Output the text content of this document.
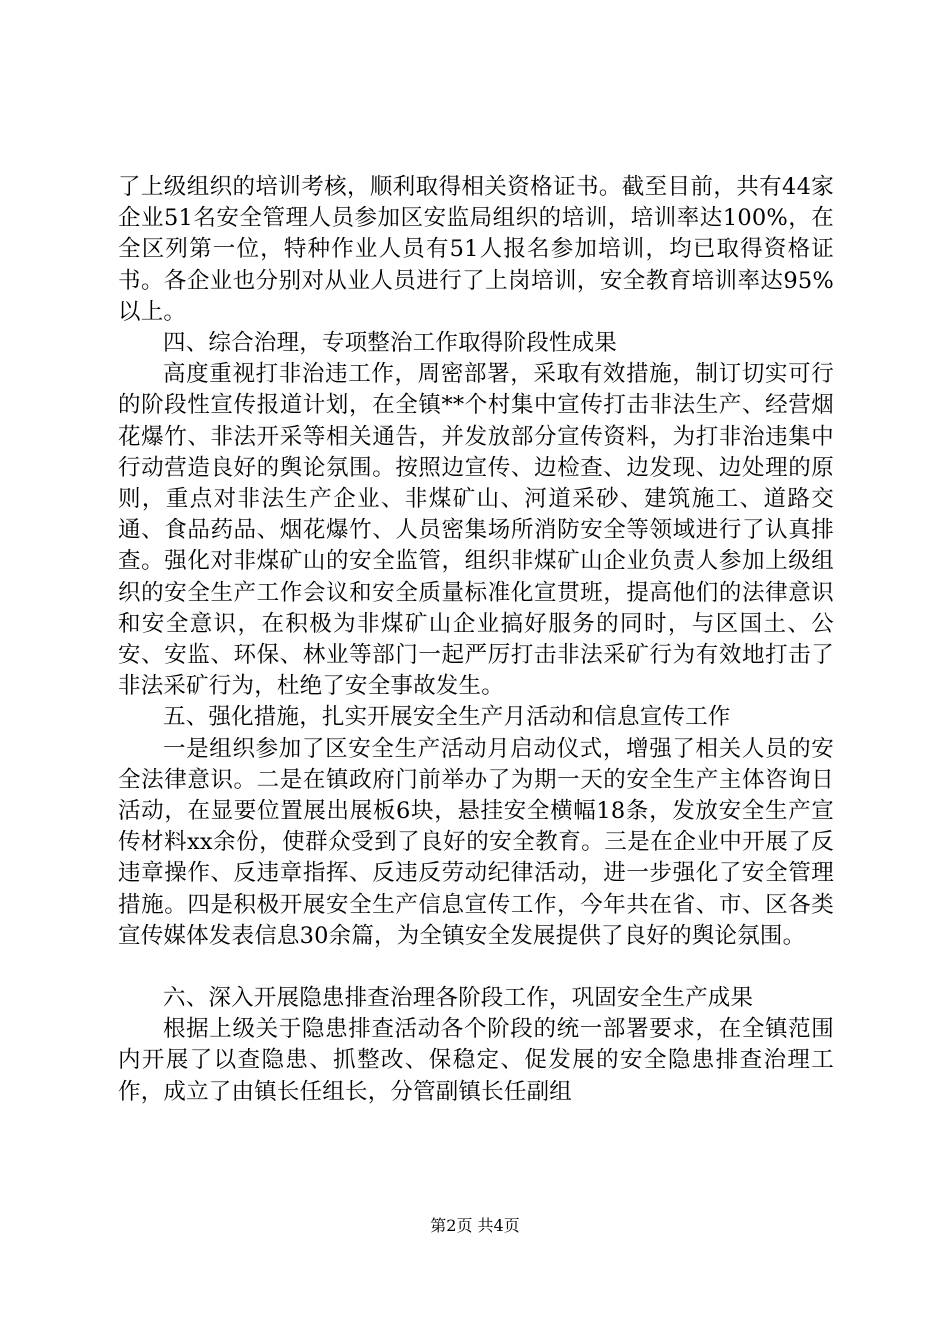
了上级组织的培训考核，顺利取得相关资格证书。截至目前，共有44家企业51名安全管理人员参加区安监局组织的培训，培训率达100%，在全区列第一位，特种作业人员有51人报名参加培训，均已取得资格证书。各企业也分别对从业人员进行了上岗培训，安全教育培训率达95%以上。

四、综合治理，专项整治工作取得阶段性成果

高度重视打非治违工作，周密部署，采取有效措施，制订切实可行的阶段性宣传报道计划，在全镇**个村集中宣传打击非法生产、经营烟花爆竹、非法开采等相关通告，并发放部分宣传资料，为打非治违集中行动营造良好的舆论氛围。按照边宣传、边检查、边发现、边处理的原则，重点对非法生产企业、非煤矿山、河道采砂、建筑施工、道路交通、食品药品、烟花爆竹、人员密集场所消防安全等领域进行了认真排查。强化对非煤矿山的安全监管，组织非煤矿山企业负责人参加上级组织的安全生产工作会议和安全质量标准化宣贯班，提高他们的法律意识和安全意识，在积极为非煤矿山企业搞好服务的同时，与区国土、公安、安监、环保、林业等部门一起严厉打击非法采矿行为有效地打击了非法采矿行为，杜绝了安全事故发生。

五、强化措施，扎实开展安全生产月活动和信息宣传工作

一是组织参加了区安全生产活动月启动仪式，增强了相关人员的安全法律意识。二是在镇政府门前举办了为期一天的安全生产主体咨询日活动，在显要位置展出展板6块，悬挂安全横幅18条，发放安全生产宣传材料xx余份，使群众受到了良好的安全教育。三是在企业中开展了反违章操作、反违章指挥、反违反劳动纪律活动，进一步强化了安全管理措施。四是积极开展安全生产信息宣传工作，今年共在省、市、区各类宣传媒体发表信息30余篇，为全镇安全发展提供了良好的舆论氛围。

六、深入开展隐患排查治理各阶段工作，巩固安全生产成果

根据上级关于隐患排查活动各个阶段的统一部署要求，在全镇范围内开展了以查隐患、抓整改、保稳定、促发展的安全隐患排查治理工作，成立了由镇长任组长，分管副镇长任副组

第2页 共4页
